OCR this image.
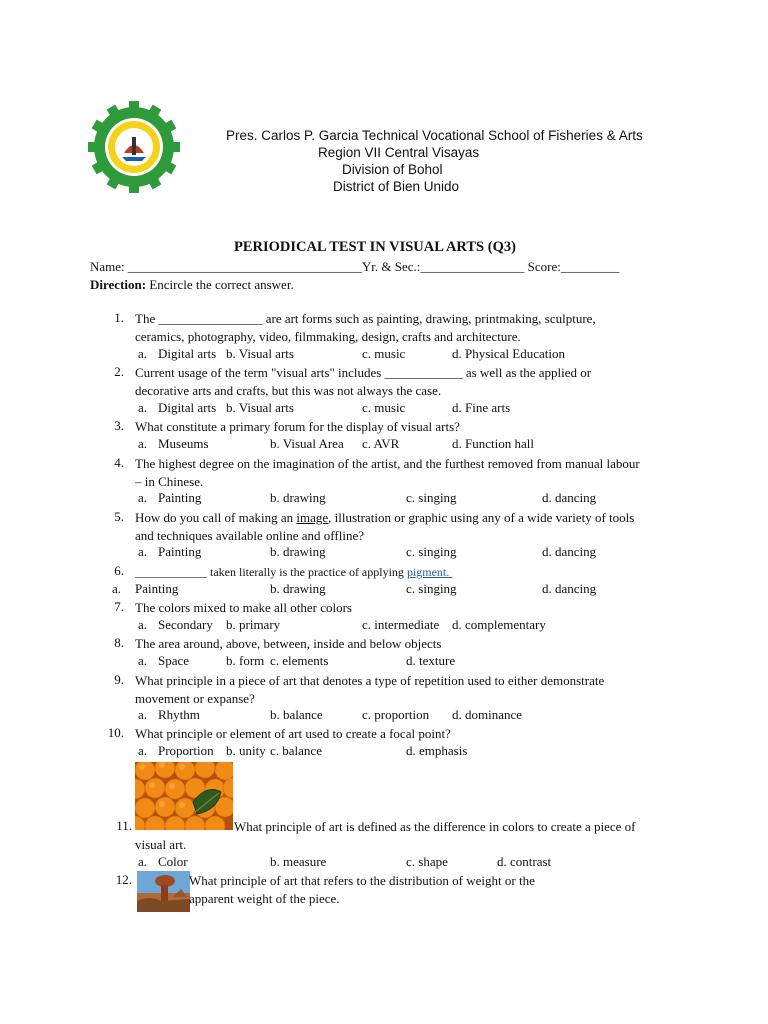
Pres. Carlos P. Garcia Technical Vocational School of Fisheries & Arts
Region VII Central Visayas
Division of Bohol
District of Bien Unido
PERIODICAL TEST IN VISUAL ARTS (Q3)
Name: ____________________________________Yr. & Sec.:________________ Score:_________
Direction: Encircle the correct answer.
1. The ________________ are art forms such as painting, drawing, printmaking, sculpture,
ceramics, photography, video, filmmaking, design, crafts and architecture.
a. Digital arts b. Visual arts	c. music	d. Physical Education
2. Current usage of the term "visual arts" includes ____________ as well as the applied or
decorative arts and crafts, but this was not always the case.
a. Digital arts b. Visual arts	c. music	d. Fine arts
3. What constitute a primary forum for the display of visual arts?
a. Museums	b. Visual Area c. AVR	d. Function hall
4. The highest degree on the imagination of the artist, and the furthest removed from manual labour
– in Chinese.
a. Painting	b. drawing	c. singing	d. dancing
5. How do you call of making an image, illustration or graphic using any of a wide variety of tools
and techniques available online and offline?
a. Painting	b. drawing	c. singing	d. dancing
6. ____________ taken literally is the practice of applying pigment.
a. Painting	b. drawing	c. singing	d. dancing
7. The colors mixed to make all other colors
a. Secondary b. primary	c. intermediate d. complementary
8. The area around, above, between, inside and below objects
a. Space	b. form c. elements	d. texture
9. What principle in a piece of art that denotes a type of repetition used to either demonstrate
movement or expanse?
a. Rhythm	b. balance	c. proportion d. dominance
10. What principle or element of art used to create a focal point?
a. Proportion b. unity c. balance	d. emphasis
11.	What principle of art is defined as the difference in colors to create a piece of
visual art.
a. Color	b. measure	c. shape	d. contrast
12.	What principle of art that refers to the distribution of weight or the
apparent weight of the piece.
